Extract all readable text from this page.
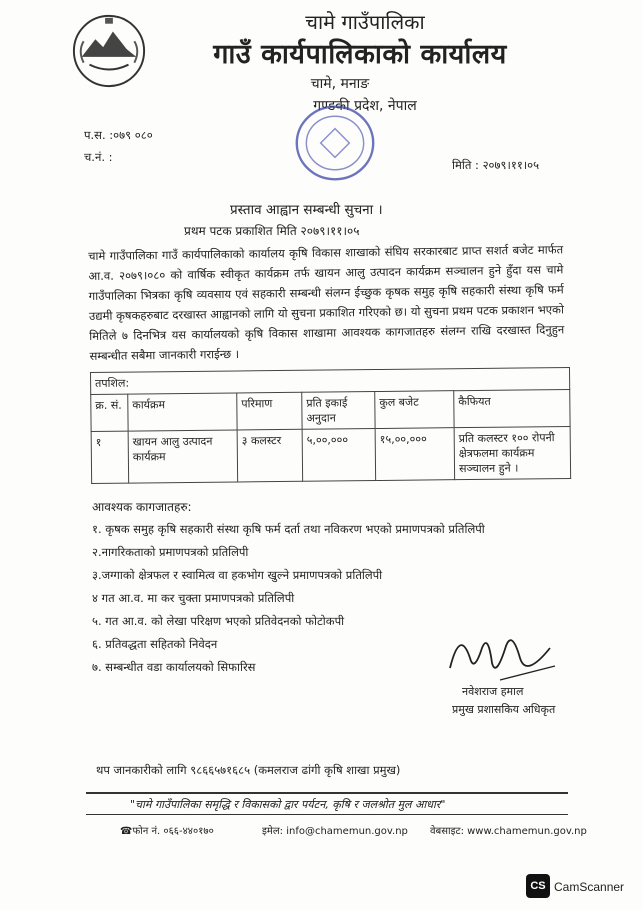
चामे गाउँपालिका
गाउँ कार्यपालिकाको कार्यालय
चामे, मनाङ
गण्डकी प्रदेश, नेपाल
प.स. :०७९ ०८०
च.नं. :
मिति : २०७९।११।०५
प्रस्ताव आह्वान सम्बन्धी सुचना ।
प्रथम पटक प्रकाशित मिति २०७९।११।०५
चामे गाउँपालिका गाउँ कार्यपालिकाको कार्यालय कृषि विकास शाखाको संघिय सरकारबाट प्राप्त सशर्त बजेट मार्फत आ.व. २०७९।०८० को वार्षिक स्वीकृत कार्यक्रम तर्फ खायन आलु उत्पादन कार्यक्रम सञ्चालन हुने हुँदा यस चामे गाउँपालिका भित्रका कृषि व्यवसाय एवं सहकारी सम्बन्धी संलग्न ईच्छुक कृषक समुह कृषि सहकारी संस्था कृषि फर्म उद्यमी कृषकहरुबाट दरखास्त आह्वानको लागि यो सुचना प्रकाशित गरिएको छ। यो सुचना प्रथम पटक प्रकाशन भएको मितिले ७ दिनभित्र यस कार्यालयको कृषि विकास शाखामा आवश्यक कागजातहरु संलग्न राखि दरखास्त दिनुहुन सम्बन्धीत सबैमा जानकारी गराईन्छ ।
तपशिल:					
क्र. सं.	कार्यक्रम	परिमाण	प्रति इकाई अनुदान	कुल बजेट	कैफियत
१	खायन आलु उत्पादन कार्यक्रम	३ कलस्टर	५,००,०००	१५,००,०००	प्रति कलस्टर १०० रोपनी क्षेत्रफलमा कार्यक्रम सञ्चालन हुने ।
आवश्यक कागजातहरु:
१. कृषक समुह कृषि सहकारी संस्था कृषि फर्म दर्ता तथा नविकरण भएको प्रमाणपत्रको प्रतिलिपी
२.नागरिकताको प्रमाणपत्रको प्रतिलिपी
३.जग्गाको क्षेत्रफल र स्वामित्व वा हकभोग खुल्ने प्रमाणपत्रको प्रतिलिपी
४ गत आ.व. मा कर चुक्ता प्रमाणपत्रको प्रतिलिपी
५. गत आ.व. को लेखा परिक्षण भएको प्रतिवेदनको फोटोकपी
६. प्रतिवद्धता सहितको निवेदन
७. सम्बन्धीत वडा कार्यालयको सिफारिस
नवेशराज हमाल
प्रमुख प्रशासकिय अधिकृत
थप जानकारीको लागि ९८६६५७१६८५ (कमलराज ढांगी कृषि शाखा प्रमुख)
"चामे गाउँपालिका समृद्धि र विकासको द्वार पर्यटन, कृषि र जलश्रोत मुल आधार"
☎फोन नं. ०६६-४४०१७०	इमेल: info@chamemun.gov.np वेबसाइट: www.chamemun.gov.np
CS CamScanner
